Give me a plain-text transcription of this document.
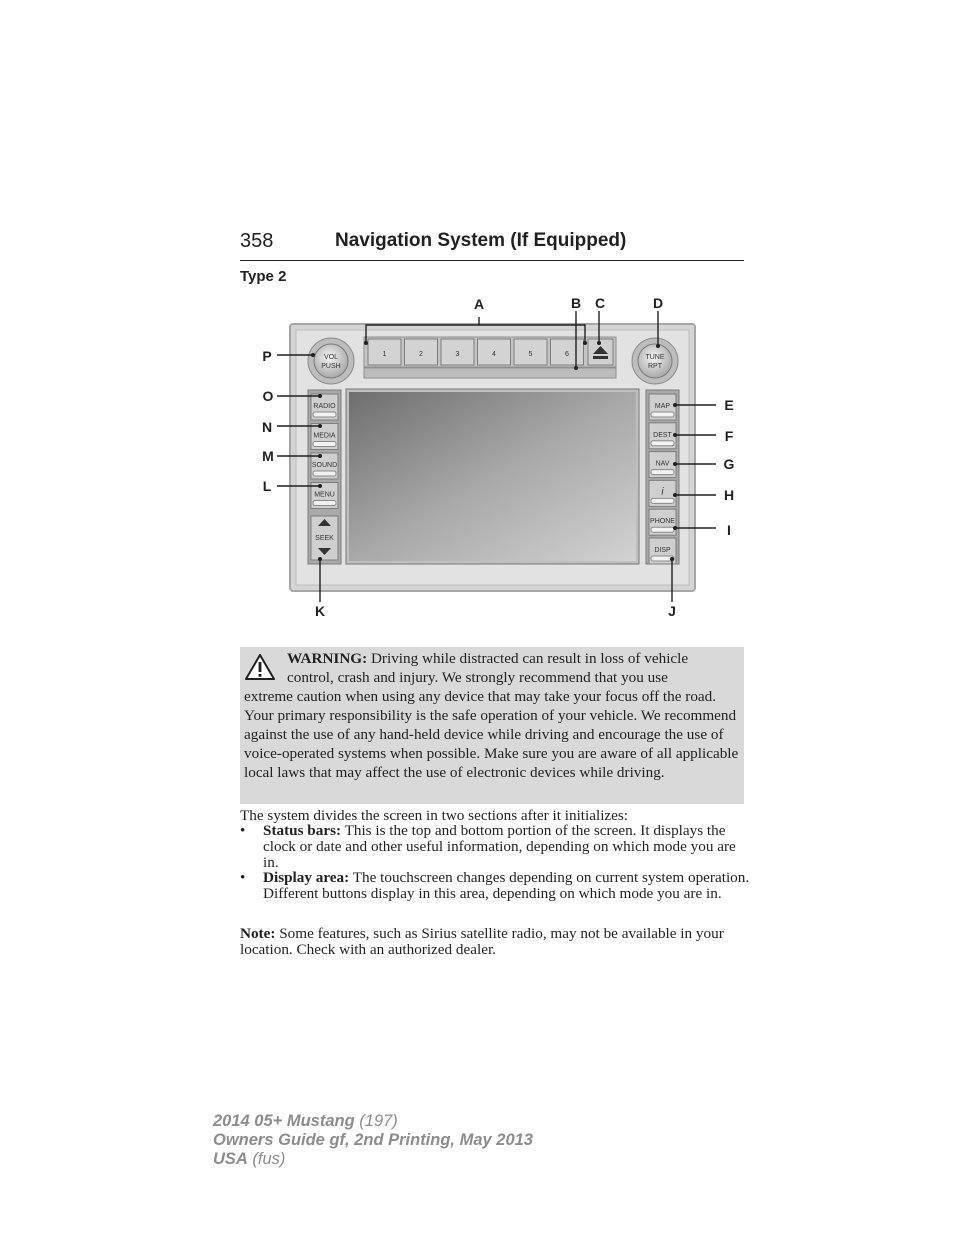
358	Navigation System (If Equipped)
Type 2
1	2	3	4	5	6
VOL
PUSH
TUNE
RPT
RADIO
MEDIA
SOUND
MENU
SEEK
MAP
DEST
NAV
i
PHONE
DISP
A	B C	D
E
F
G
H
I
J
K
L
M
N
O
P
WARNING: Driving while distracted can result in loss of vehicle
control, crash and injury. We strongly recommend that you use
extreme caution when using any device that may take your focus off the road. Your primary responsibility is the safe operation of your vehicle. We recommend against the use of any hand-held device while driving and encourage the use of voice-operated systems when possible. Make sure you are aware of all applicable local laws that may affect the use of electronic devices while driving.
The system divides the screen in two sections after it initializes:
• Status bars: This is the top and bottom portion of the screen. It displays the clock or date and other useful information, depending on which mode you are in.
• Display area: The touchscreen changes depending on current system operation. Different buttons display in this area, depending on which mode you are in.
Note: Some features, such as Sirius satellite radio, may not be available in your location. Check with an authorized dealer.
2014 05+ Mustang (197)
Owners Guide gf, 2nd Printing, May 2013
USA (fus)
